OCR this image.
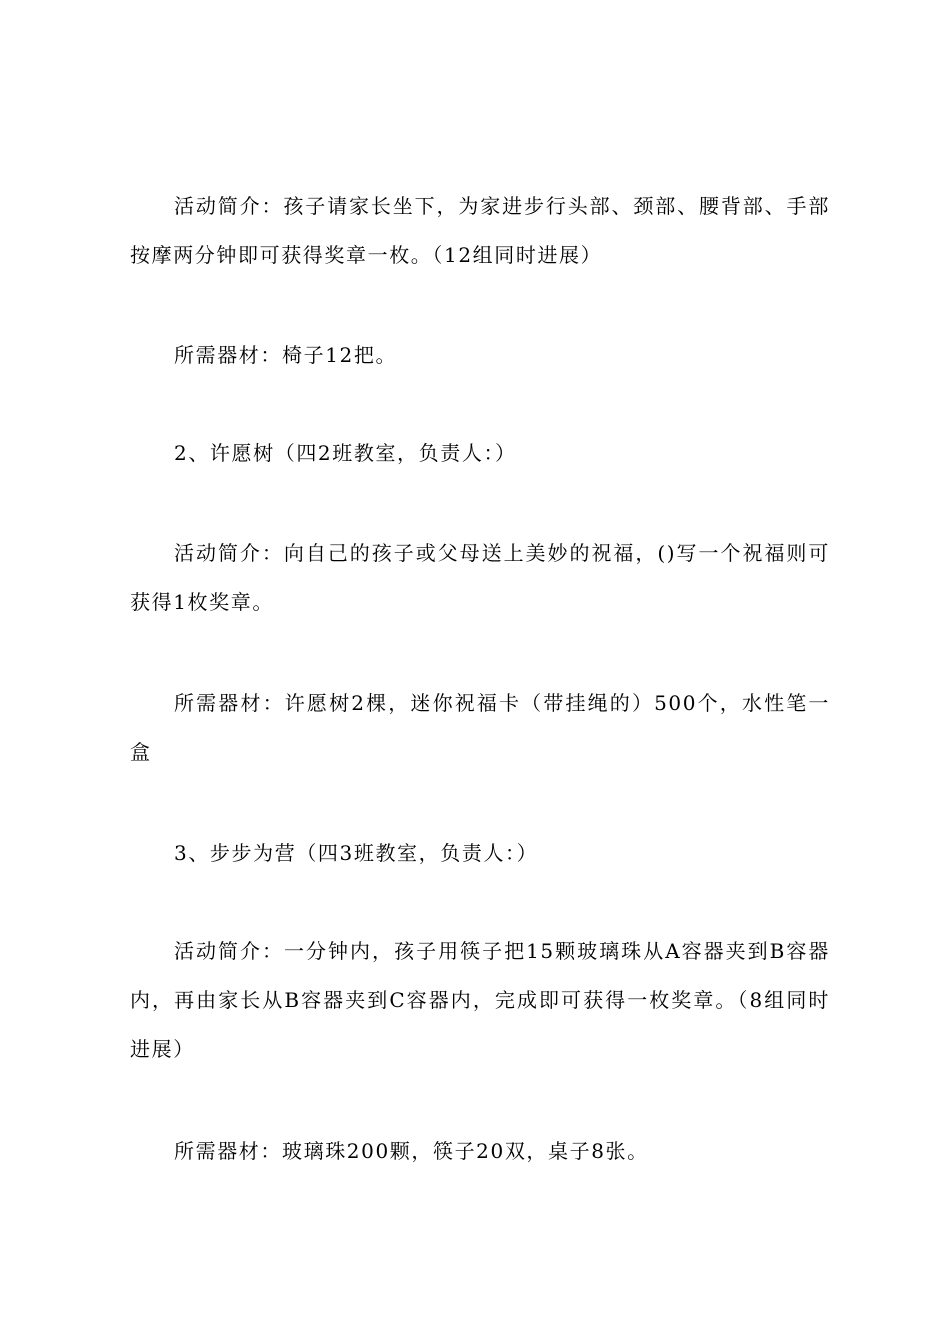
活动简介：孩子请家长坐下，为家进步行头部、颈部、腰背部、手部按摩两分钟即可获得奖章一枚。（12组同时进展）

所需器材：椅子12把。

2、许愿树（四2班教室，负责人：）

活动简介：向自己的孩子或父母送上美妙的祝福，()写一个祝福则可获得1枚奖章。

所需器材：许愿树2棵，迷你祝福卡（带挂绳的）500个，水性笔一盒

3、步步为营（四3班教室，负责人：）

活动简介：一分钟内，孩子用筷子把15颗玻璃珠从A容器夹到B容器内，再由家长从B容器夹到C容器内，完成即可获得一枚奖章。（8组同时进展）

所需器材：玻璃珠200颗，筷子20双，桌子8张。
